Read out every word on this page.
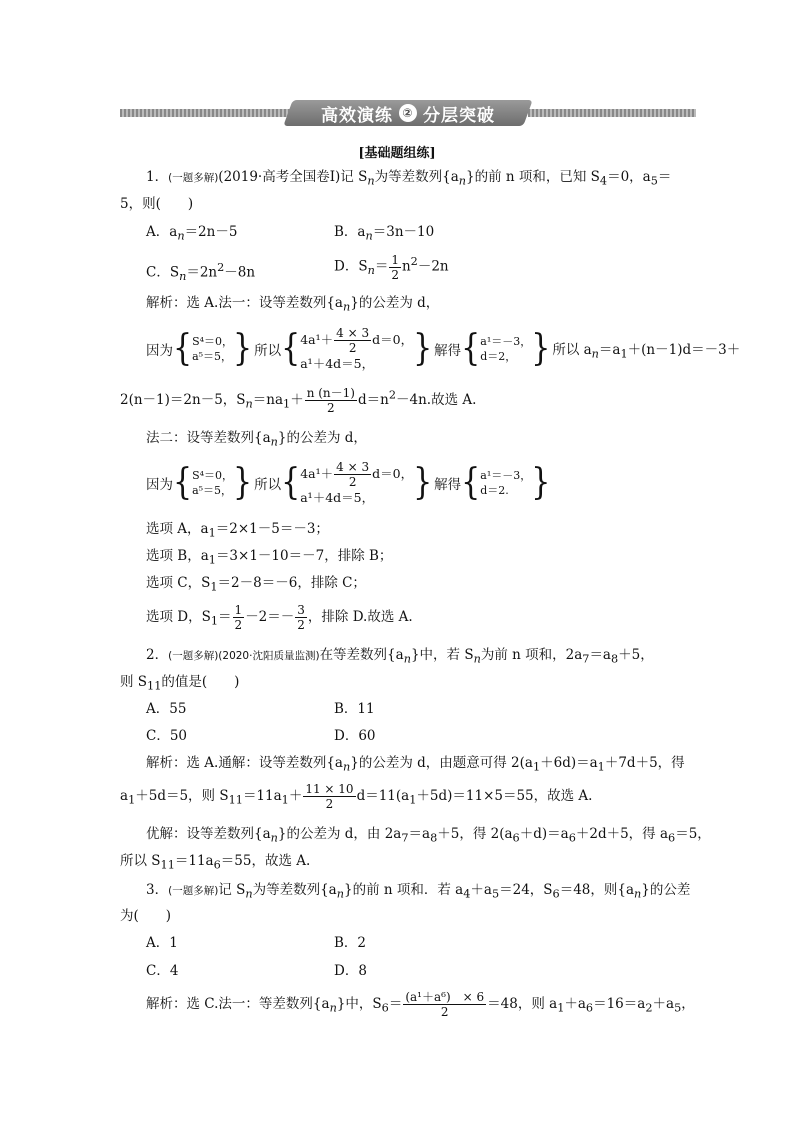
高效演练 ② 分层突破
[基础题组练]
1．(一题多解)(2019·高考全国卷Ⅰ)记 $S_n$为等差数列$\{a_n\}$的前 n 项和，已知 $S_4=0$，$a_5=$
5，则(　　)
A．$a_n=2n-5$	B．$a_n=3n-10$
C．$S_n=2n^2-8n$	D．$S_n= \frac{1}{2} n^2-2n$
解析：选 A.法一：设等差数列$\{a_n\}$的公差为 d，
因为{S⁴＝0，
a⁵＝5，} 所以{$4a^1+ \frac{4 \times 3}{2} d=0$，
a¹＋4d＝5， } 解得{a¹＝－3，
d＝2， } 所以 $a_n=a_1+(n-1)d=-3+$
2(n－1)＝2n－5，$S_n=na_1+ \frac{n (n-1)}{2} d=n^2-4n$.故选 A.
法二：设等差数列$\{a_n\}$的公差为 d，
因为{S⁴＝0，
a⁵＝5，} 所以{$4a^1+ \frac{4 \times 3}{2} d=0$，
a¹＋4d＝5， } 解得{a¹＝－3，
d＝2. }
选项 A，$a_1=2\times 1-5=-3$；
选项 B，$a_1=3\times 1-10=-7$，排除 B；
选项 C，$S_1=2-8=-6$，排除 C；
选项 D，$S_1= \frac{1}{2} -2=- \frac{3}{2}$ ，排除 D.故选 A.
2．(一题多解)(2020·沈阳质量监测)在等差数列$\{a_n\}$中，若 $S_n$为前 n 项和，$2a_7=a_8+5$，
则 $S_{11}$的值是(　　)
A．55	B．11
C．50	D．60
解析：选 A.通解：设等差数列$\{a_n\}$的公差为 d，由题意可得 $2(a_1+6d)=a_1+7d+5$，得
$a_1+5d=5$，则 $S_{11}=11a_1+ \frac{11 \times 10}{2} d=11(a_1+5d)=11\times 5=55$，故选 A.
优解：设等差数列$\{a_n\}$的公差为 d，由 $2a_7=a_8+5$，得 $2(a_6+d)=a_6+2d+5$，得 $a_6=5$，
所以 $S_{11}=11a_6=55$，故选 A.
3．(一题多解)记 $S_n$为等差数列$\{a_n\}$的前 n 项和．若 $a_4+a_5=24$，$S_6=48$，则$\{a_n\}$的公差
为(　　)
A．1	B．2
C．4	D．8
解析：选 C.法一：等差数列$\{a_n\}$中，$S_6= \frac{\text{(a¹＋a⁶)　× 6}}{2} =48$，则 $a_1+a_6=16=a_2+a_5$，
